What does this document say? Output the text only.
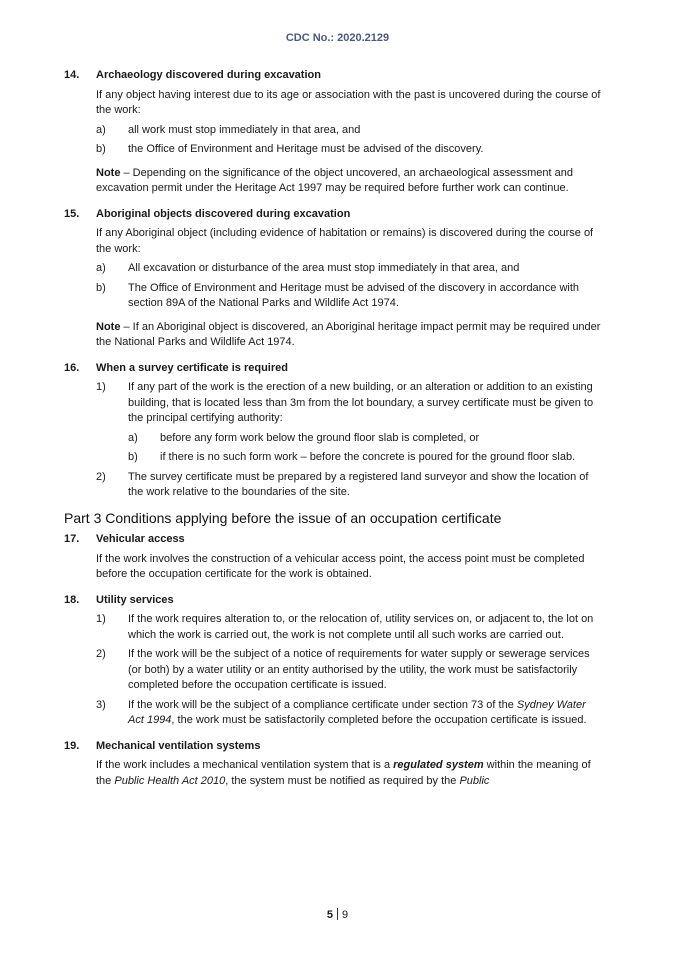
CDC No.: 2020.2129
14.	Archaeology discovered during excavation
If any object having interest due to its age or association with the past is uncovered during the course of the work:
a)	all work must stop immediately in that area, and
b)	the Office of Environment and Heritage must be advised of the discovery.
Note – Depending on the significance of the object uncovered, an archaeological assessment and excavation permit under the Heritage Act 1997 may be required before further work can continue.
15.	Aboriginal objects discovered during excavation
If any Aboriginal object (including evidence of habitation or remains) is discovered during the course of the work:
a)	All excavation or disturbance of the area must stop immediately in that area, and
b)	The Office of Environment and Heritage must be advised of the discovery in accordance with section 89A of the National Parks and Wildlife Act 1974.
Note – If an Aboriginal object is discovered, an Aboriginal heritage impact permit may be required under the National Parks and Wildlife Act 1974.
16.	When a survey certificate is required
1)	If any part of the work is the erection of a new building, or an alteration or addition to an existing building, that is located less than 3m from the lot boundary, a survey certificate must be given to the principal certifying authority:
a)	before any form work below the ground floor slab is completed, or
b)	if there is no such form work – before the concrete is poured for the ground floor slab.
2)	The survey certificate must be prepared by a registered land surveyor and show the location of the work relative to the boundaries of the site.
Part 3 Conditions applying before the issue of an occupation certificate
17.	Vehicular access
If the work involves the construction of a vehicular access point, the access point must be completed before the occupation certificate for the work is obtained.
18.	Utility services
1)	If the work requires alteration to, or the relocation of, utility services on, or adjacent to, the lot on which the work is carried out, the work is not complete until all such works are carried out.
2)	If the work will be the subject of a notice of requirements for water supply or sewerage services (or both) by a water utility or an entity authorised by the utility, the work must be satisfactorily completed before the occupation certificate is issued.
3)	If the work will be the subject of a compliance certificate under section 73 of the Sydney Water Act 1994, the work must be satisfactorily completed before the occupation certificate is issued.
19.	Mechanical ventilation systems
If the work includes a mechanical ventilation system that is a regulated system within the meaning of the Public Health Act 2010, the system must be notified as required by the Public
5 9
